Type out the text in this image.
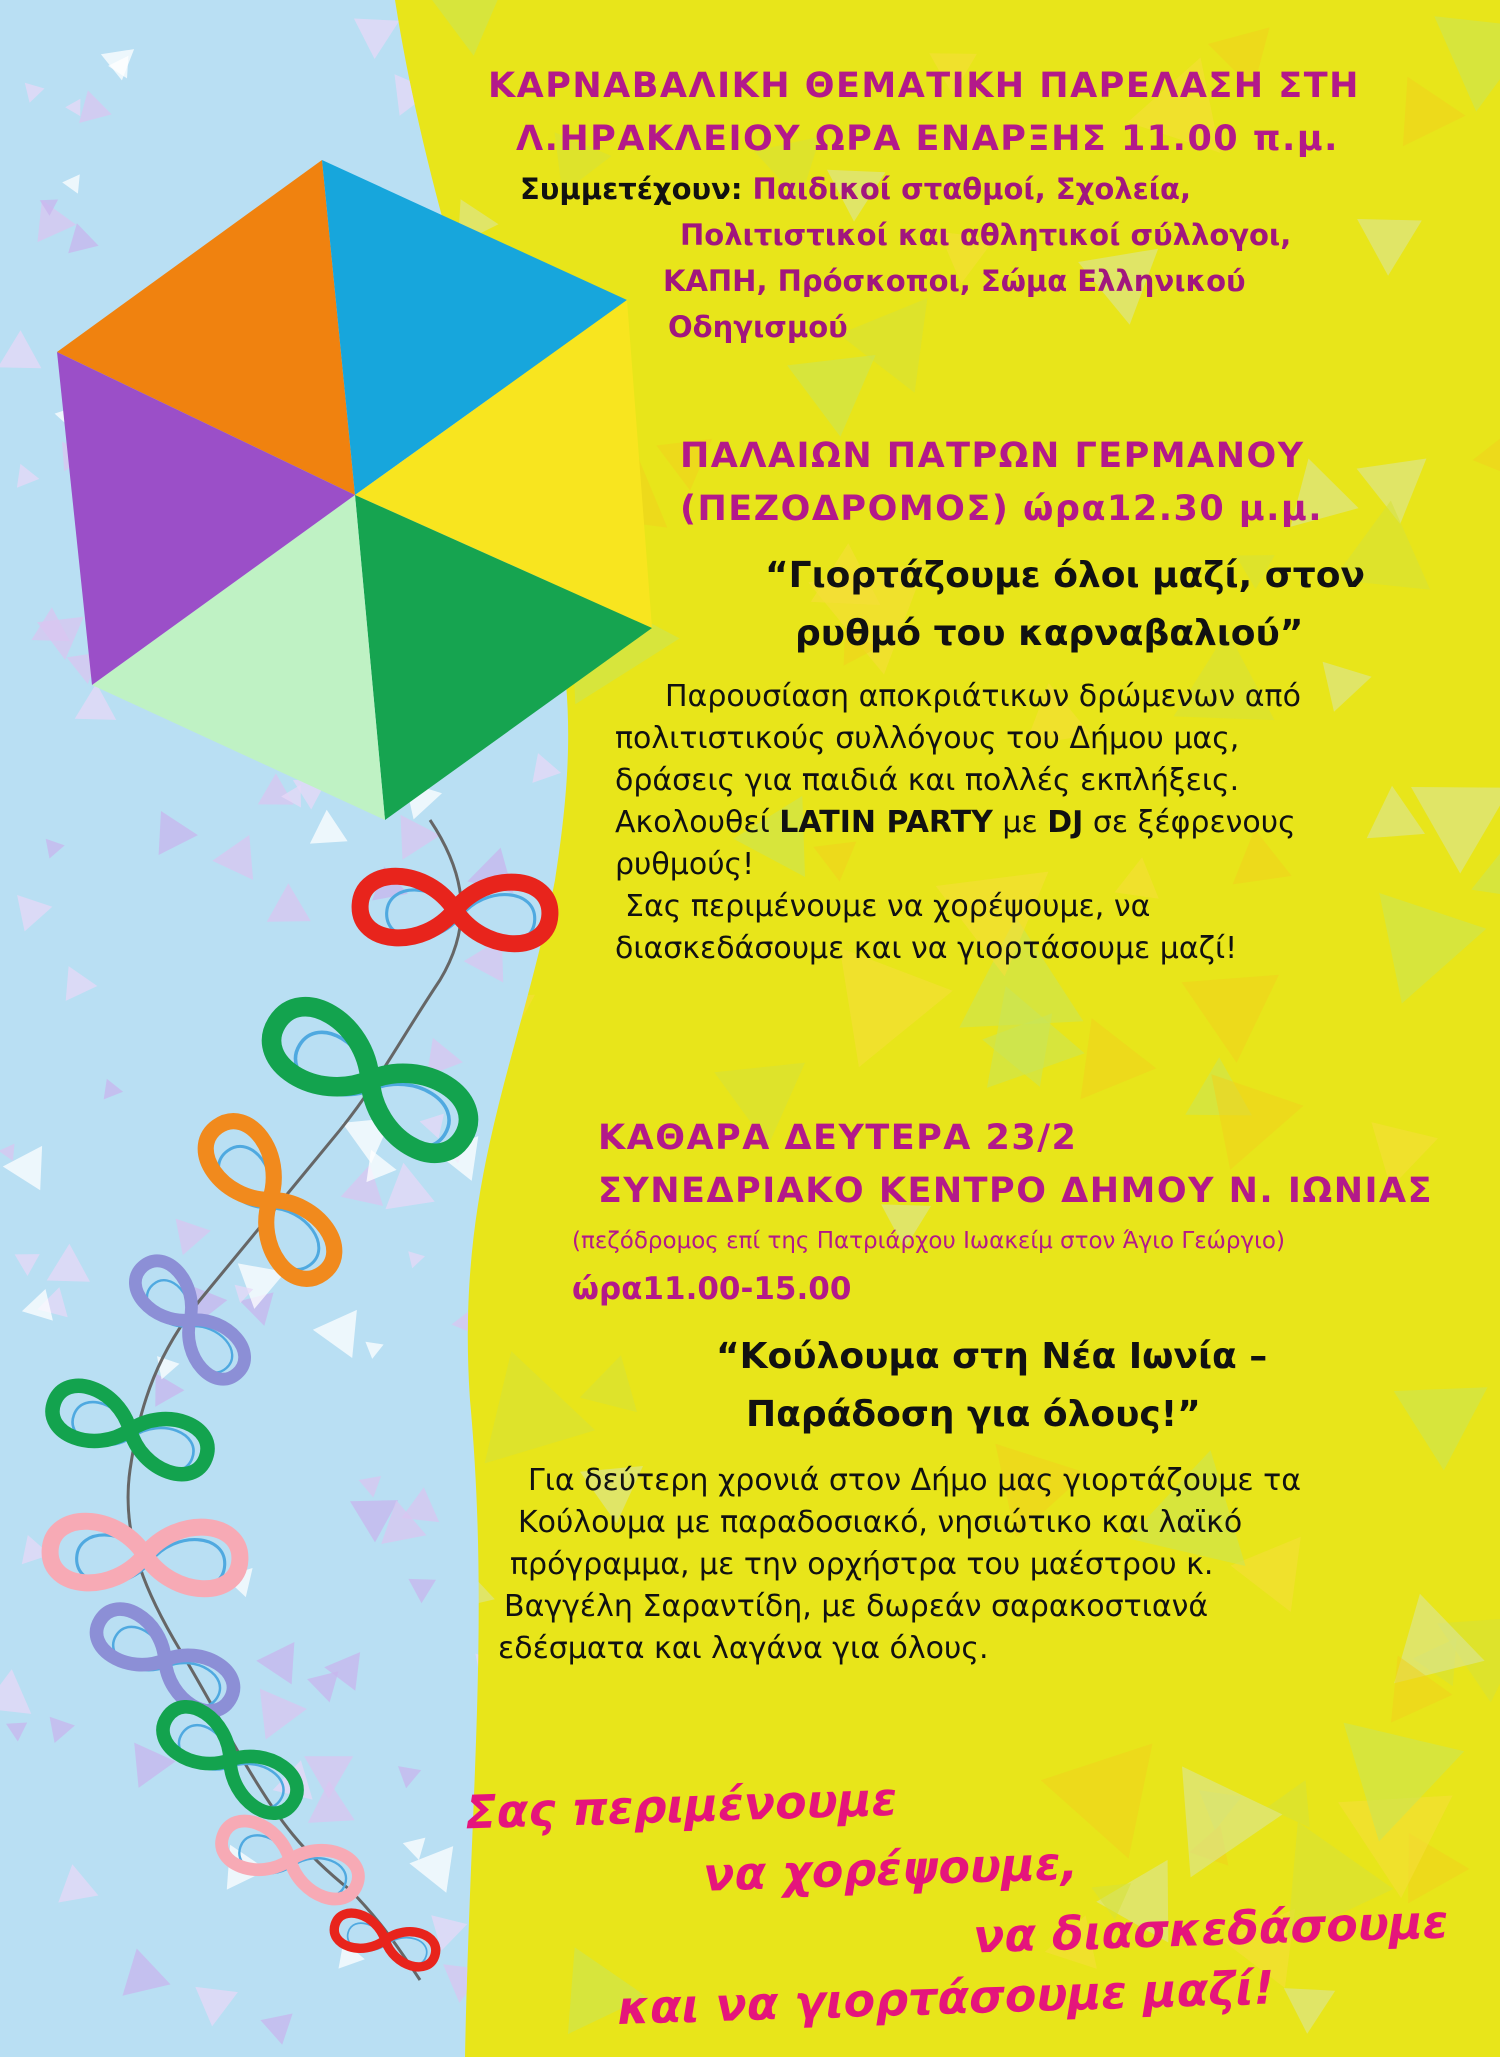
ΚΑΡΝΑΒΑΛΙΚΗ ΘΕΜΑΤΙΚΗ ΠΑΡΕΛΑΣΗ ΣΤΗ
Λ.ΗΡΑΚΛΕΙΟΥ ΩΡΑ ΕΝΑΡΞΗΣ 11.00 π.μ.
Συμμετέχουν: Παιδικοί σταθμοί, Σχολεία,
Πολιτιστικοί και αθλητικοί σύλλογοι,
ΚΑΠΗ, Πρόσκοποι, Σώμα Ελληνικού
Οδηγισμού
ΠΑΛΑΙΩΝ ΠΑΤΡΩΝ ΓΕΡΜΑΝΟΥ
(ΠΕΖΟΔΡΟΜΟΣ) ώρα12.30 μ.μ.
“Γιορτάζουμε όλοι μαζί, στον
ρυθμό του καρναβαλιού”
Παρουσίαση αποκριάτικων δρώμενων από
πολιτιστικούς συλλόγους του Δήμου μας,
δράσεις για παιδιά και πολλές εκπλήξεις.
Ακολουθεί LATIN PARTY με DJ σε ξέφρενους
ρυθμούς!
Σας περιμένουμε να χορέψουμε, να
διασκεδάσουμε και να γιορτάσουμε μαζί!
ΚΑΘΑΡΑ ΔΕΥΤΕΡΑ 23/2
ΣΥΝΕΔΡΙΑΚΟ ΚΕΝΤΡΟ ΔΗΜΟΥ Ν. ΙΩΝΙΑΣ
(πεζόδρομος επί της Πατριάρχου Ιωακείμ στον Άγιο Γεώργιο)
ώρα11.00-15.00
“Κούλουμα στη Νέα Ιωνία –
Παράδοση για όλους!”
Για δεύτερη χρονιά στον Δήμο μας γιορτάζουμε τα
Κούλουμα με παραδοσιακό, νησιώτικο και λαϊκό
πρόγραμμα, με την ορχήστρα του μαέστρου κ.
Βαγγέλη Σαραντίδη, με δωρεάν σαρακοστιανά
εδέσματα και λαγάνα για όλους.
Σας περιμένουμε
να χορέψουμε,
να διασκεδάσουμε
και να γιορτάσουμε μαζί!
